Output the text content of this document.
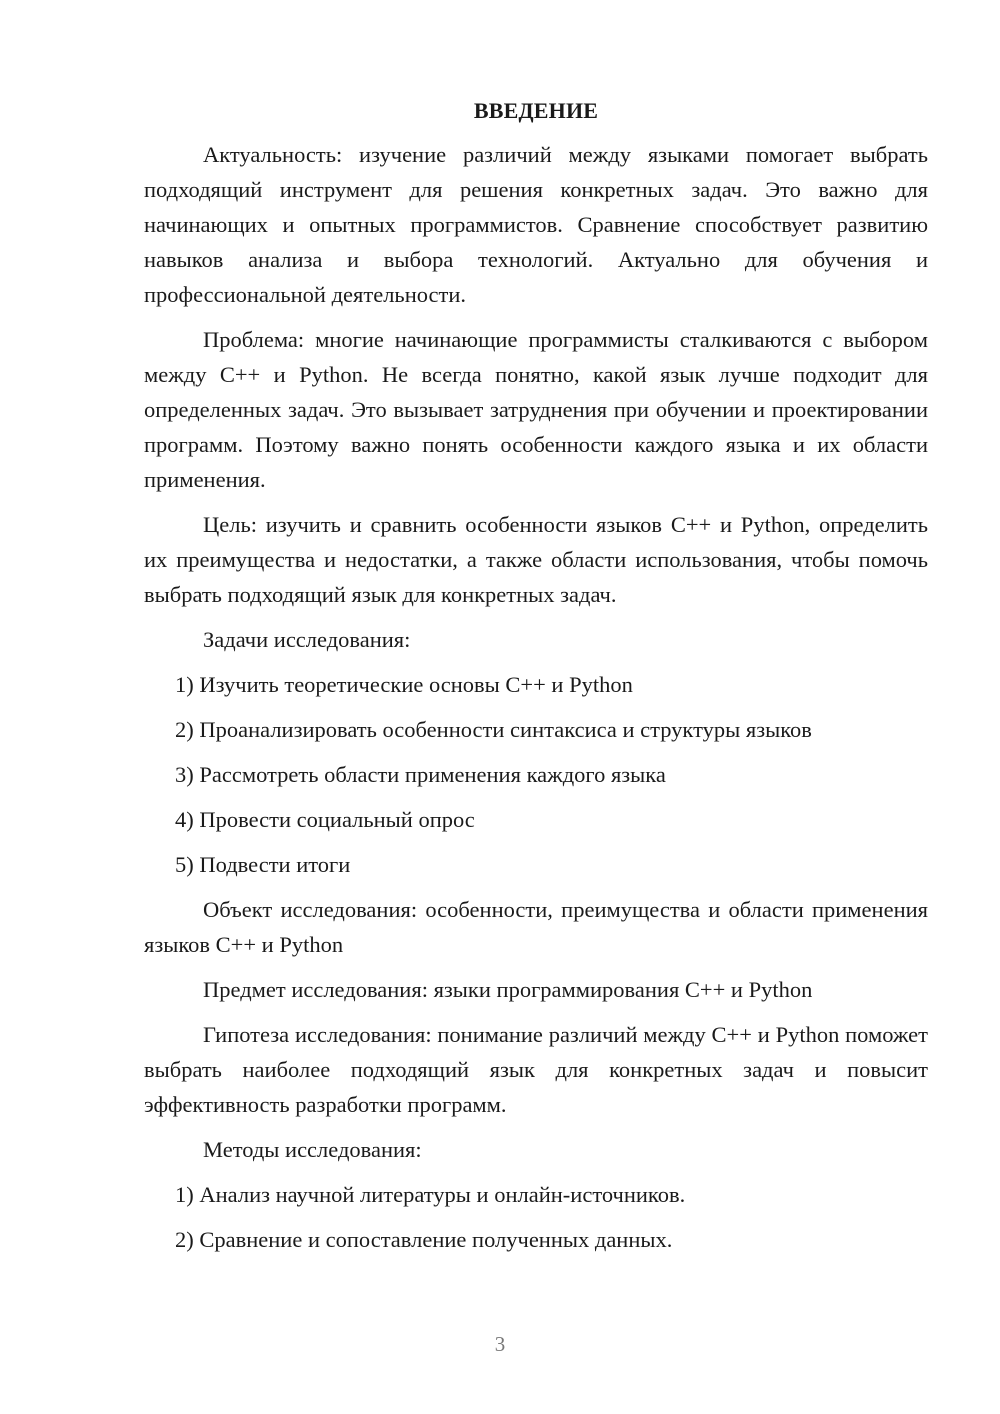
ВВЕДЕНИЕ

Актуальность: изучение различий между языками помогает выбрать подходящий инструмент для решения конкретных задач. Это важно для начинающих и опытных программистов. Сравнение способствует развитию навыков анализа и выбора технологий. Актуально для обучения и профессиональной деятельности.

Проблема: многие начинающие программисты сталкиваются с выбором между C++ и Python. Не всегда понятно, какой язык лучше подходит для определенных задач. Это вызывает затруднения при обучении и проектировании программ. Поэтому важно понять особенности каждого языка и их области применения.

Цель: изучить и сравнить особенности языков C++ и Python, определить их преимущества и недостатки, а также области использования, чтобы помочь выбрать подходящий язык для конкретных задач.

Задачи исследования:

1) Изучить теоретические основы C++ и Python
2) Проанализировать особенности синтаксиса и структуры языков
3) Рассмотреть области применения каждого языка
4) Провести социальный опрос
5) Подвести итоги

Объект исследования: особенности, преимущества и области применения языков C++ и Python

Предмет исследования: языки программирования C++ и Python

Гипотеза исследования: понимание различий между C++ и Python поможет выбрать наиболее подходящий язык для конкретных задач и повысит эффективность разработки программ.

Методы исследования:

1) Анализ научной литературы и онлайн-источников.
2) Сравнение и сопоставление полученных данных.
3
